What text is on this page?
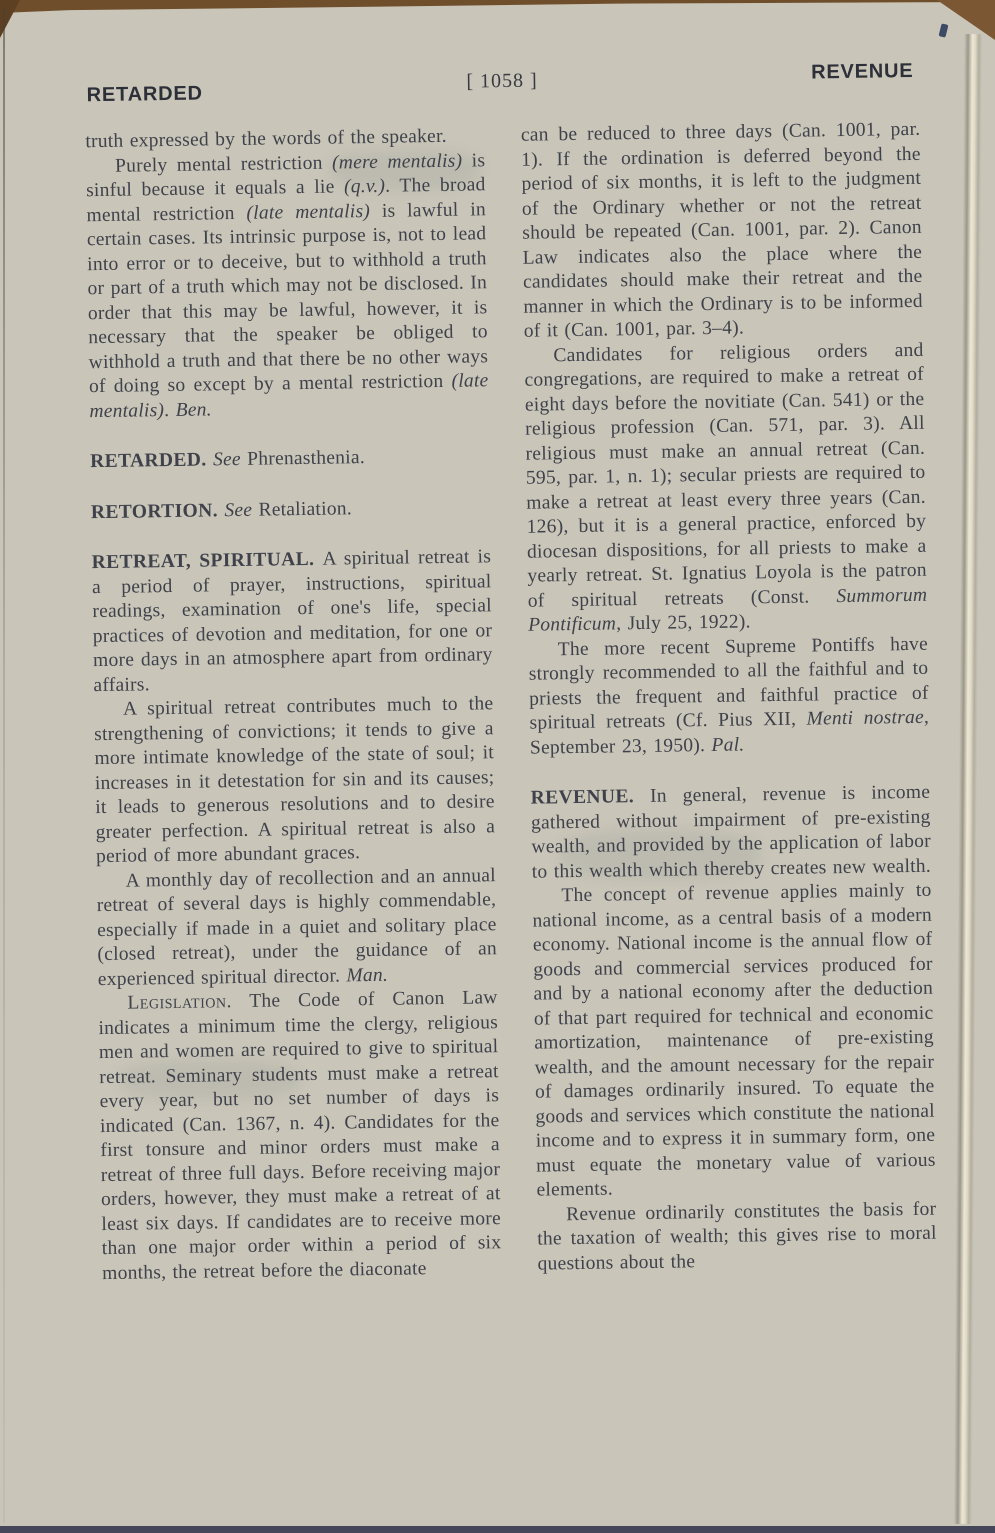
RETARDED
[ 1058 ]	REVENUE

truth expressed by the words of the speaker.

Purely mental restriction (mere mentalis) is sinful because it equals a lie (q.v.). The broad mental restriction (late mentalis) is lawful in certain cases. Its intrinsic purpose is, not to lead into error or to deceive, but to withhold a truth or part of a truth which may not be disclosed. In order that this may be lawful, however, it is necessary that the speaker be obliged to withhold a truth and that there be no other ways of doing so except by a mental restriction (late mentalis). Ben.

RETARDED. See Phrenasthenia.

RETORTION. See Retaliation.

RETREAT, SPIRITUAL. A spiritual retreat is a period of prayer, instructions, spiritual readings, examination of one's life, special practices of devotion and meditation, for one or more days in an atmosphere apart from ordinary affairs.

A spiritual retreat contributes much to the strengthening of convictions; it tends to give a more intimate knowledge of the state of soul; it increases in it detestation for sin and its causes; it leads to generous resolutions and to desire greater perfection. A spiritual retreat is also a period of more abundant graces.

A monthly day of recollection and an annual retreat of several days is highly commendable, especially if made in a quiet and solitary place (closed retreat), under the guidance of an experienced spiritual director. Man.

Legislation. The Code of Canon Law indicates a minimum time the clergy, religious men and women are required to give to spiritual retreat. Seminary students must make a retreat every year, but no set number of days is indicated (Can. 1367, n. 4). Candidates for the first tonsure and minor orders must make a retreat of three full days. Before receiving major orders, however, they must make a retreat of at least six days. If candidates are to receive more than one major order within a period of six months, the retreat before the diaconate

can be reduced to three days (Can. 1001, par. 1). If the ordination is deferred beyond the period of six months, it is left to the judgment of the Ordinary whether or not the retreat should be repeated (Can. 1001, par. 2). Canon Law indicates also the place where the candidates should make their retreat and the manner in which the Ordinary is to be informed of it (Can. 1001, par. 3–4).

Candidates for religious orders and congregations, are required to make a retreat of eight days before the novitiate (Can. 541) or the religious profession (Can. 571, par. 3). All religious must make an annual retreat (Can. 595, par. 1, n. 1); secular priests are required to make a retreat at least every three years (Can. 126), but it is a general practice, enforced by diocesan dispositions, for all priests to make a yearly retreat. St. Ignatius Loyola is the patron of spiritual retreats (Const. Summorum Pontificum, July 25, 1922).

The more recent Supreme Pontiffs have strongly recommended to all the faithful and to priests the frequent and faithful practice of spiritual retreats (Cf. Pius XII, Menti nostrae, September 23, 1950). Pal.

REVENUE. In general, revenue is income gathered without impairment of pre-existing wealth, and provided by the application of labor to this wealth which thereby creates new wealth.

The concept of revenue applies mainly to national income, as a central basis of a modern economy. National income is the annual flow of goods and commercial services produced for and by a national economy after the deduction of that part required for technical and economic amortization, maintenance of pre-existing wealth, and the amount necessary for the repair of damages ordinarily insured. To equate the goods and services which constitute the national income and to express it in summary form, one must equate the monetary value of various elements.

Revenue ordinarily constitutes the basis for the taxation of wealth; this gives rise to moral questions about the
